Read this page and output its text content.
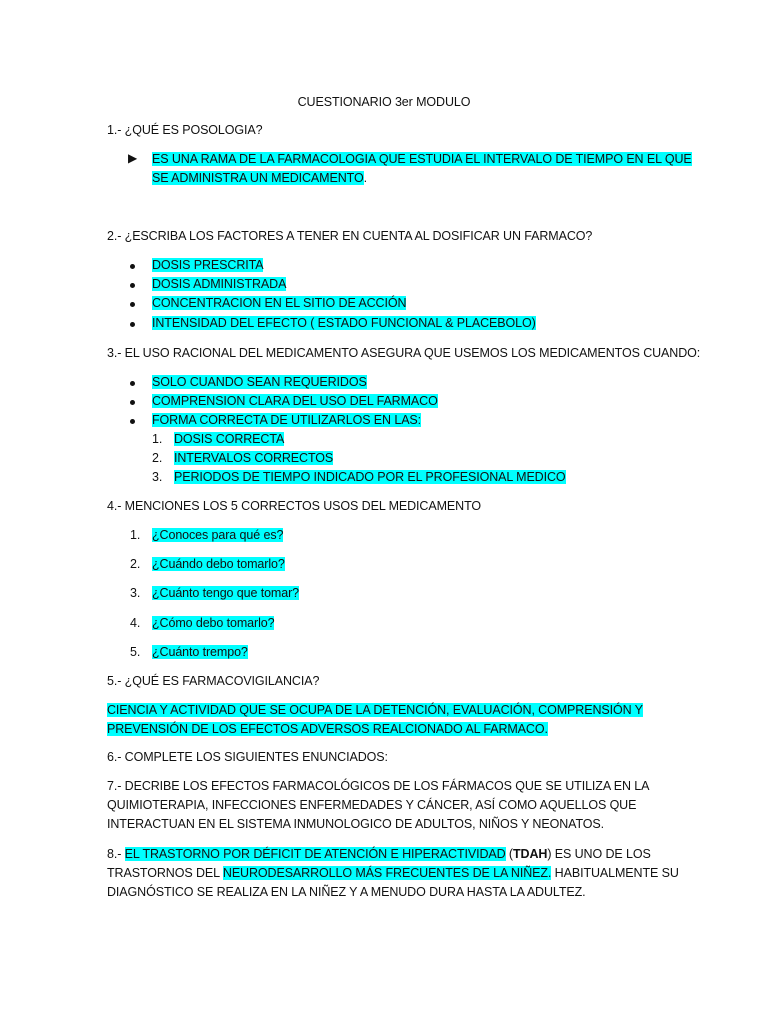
CUESTIONARIO 3er MODULO
1.- ¿QUÉ ES POSOLOGIA?
▶ ES UNA RAMA DE LA FARMACOLOGIA QUE ESTUDIA EL INTERVALO DE TIEMPO EN EL QUE
SE ADMINISTRA UN MEDICAMENTO.
2.- ¿ESCRIBA LOS FACTORES A TENER EN CUENTA AL DOSIFICAR UN FARMACO?
DOSIS PRESCRITA
DOSIS ADMINISTRADA
CONCENTRACION EN EL SITIO DE ACCIÓN
INTENSIDAD DEL EFECTO ( ESTADO FUNCIONAL & PLACEBOLO)
3.- EL USO RACIONAL DEL MEDICAMENTO ASEGURA QUE USEMOS LOS MEDICAMENTOS CUANDO:
SOLO CUANDO SEAN REQUERIDOS
COMPRENSION CLARA DEL USO DEL FARMACO
FORMA CORRECTA DE UTILIZARLOS EN LAS:
1. DOSIS CORRECTA
2. INTERVALOS CORRECTOS
3. PERIODOS DE TIEMPO INDICADO POR EL PROFESIONAL MEDICO
4.- MENCIONES LOS 5 CORRECTOS USOS DEL MEDICAMENTO
1. ¿Conoces para qué es?
2. ¿Cuándo debo tomarlo?
3. ¿Cuánto tengo que tomar?
4. ¿Cómo debo tomarlo?
5. ¿Cuánto trempo?
5.- ¿QUÉ ES FARMACOVIGILANCIA?
CIENCIA Y ACTIVIDAD QUE SE OCUPA DE LA DETENCIÓN, EVALUACIÓN, COMPRENSIÓN Y
PREVENSIÓN DE LOS EFECTOS ADVERSOS REALCIONADO AL FARMACO.
6.- COMPLETE LOS SIGUIENTES ENUNCIADOS:
7.- DECRIBE LOS EFECTOS FARMACOLÓGICOS DE LOS FÁRMACOS QUE SE UTILIZA EN LA
QUIMIOTERAPIA, INFECCIONES ENFERMEDADES Y CÁNCER, ASÍ COMO AQUELLOS QUE
INTERACTUAN EN EL SISTEMA INMUNOLOGICO DE ADULTOS, NIÑOS Y NEONATOS.
8.- EL TRASTORNO POR DÉFICIT DE ATENCIÓN E HIPERACTIVIDAD (TDAH) ES UNO DE LOS
TRASTORNOS DEL NEURODESARROLLO MÁS FRECUENTES DE LA NIÑEZ. HABITUALMENTE SU
DIAGNÓSTICO SE REALIZA EN LA NIÑEZ Y A MENUDO DURA HASTA LA ADULTEZ.
